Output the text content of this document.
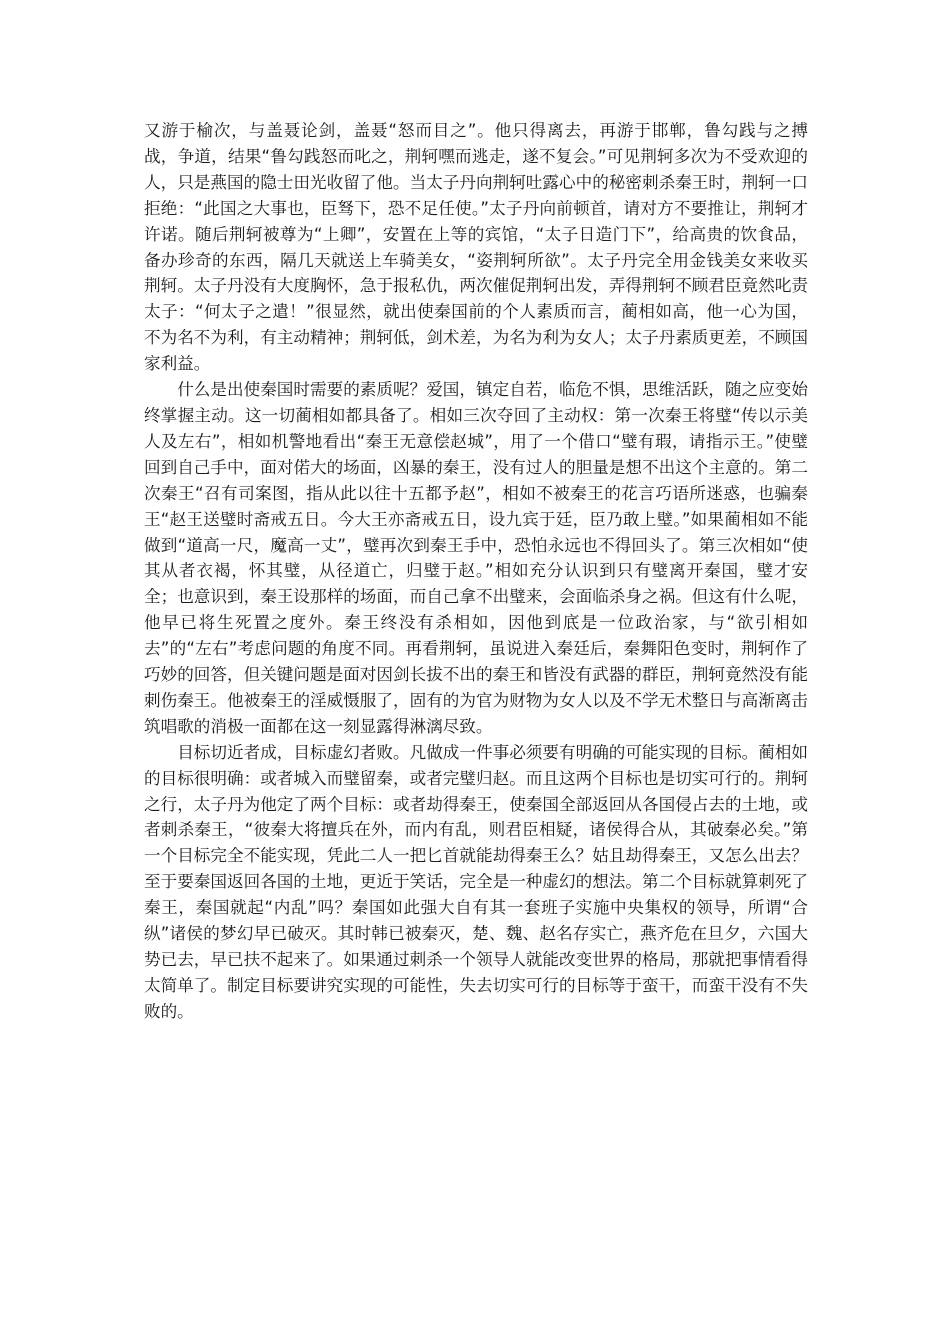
又游于榆次，与盖聂论剑，盖聂“怒而目之”。他只得离去，再游于邯郸，鲁勾践与之搏战，争道，结果“鲁勾践怒而叱之，荆轲嘿而逃走，遂不复会。”可见荆轲多次为不受欢迎的人，只是燕国的隐士田光收留了他。当太子丹向荆轲吐露心中的秘密刺杀秦王时，荆轲一口拒绝：“此国之大事也，臣驽下，恐不足任使。”太子丹向前顿首，请对方不要推让，荆轲才许诺。随后荆轲被尊为“上卿”，安置在上等的宾馆，“太子日造门下”，给高贵的饮食品，备办珍奇的东西，隔几天就送上车骑美女，“姿荆轲所欲”。太子丹完全用金钱美女来收买荆轲。太子丹没有大度胸怀，急于报私仇，两次催促荆轲出发，弄得荆轲不顾君臣竟然叱责太子：“何太子之遣！”很显然，就出使秦国前的个人素质而言，蔺相如高，他一心为国，不为名不为利，有主动精神；荆轲低，剑术差，为名为利为女人；太子丹素质更差，不顾国家利益。

什么是出使秦国时需要的素质呢？爱国，镇定自若，临危不惧，思维活跃，随之应变始终掌握主动。这一切蔺相如都具备了。相如三次夺回了主动权：第一次秦王将璧“传以示美人及左右”，相如机警地看出“秦王无意偿赵城”，用了一个借口“璧有瑕，请指示王。”使璧回到自己手中，面对偌大的场面，凶暴的秦王，没有过人的胆量是想不出这个主意的。第二次秦王“召有司案图，指从此以往十五都予赵”，相如不被秦王的花言巧语所迷惑，也骗秦王“赵王送璧时斋戒五日。今大王亦斋戒五日，设九宾于廷，臣乃敢上璧。”如果蔺相如不能做到“道高一尺，魔高一丈”，璧再次到秦王手中，恐怕永远也不得回头了。第三次相如“使其从者衣褐，怀其璧，从径道亡，归璧于赵。”相如充分认识到只有璧离开秦国，璧才安全；也意识到，秦王设那样的场面，而自己拿不出璧来，会面临杀身之祸。但这有什么呢，他早已将生死置之度外。秦王终没有杀相如，因他到底是一位政治家，与“欲引相如去”的“左右”考虑问题的角度不同。再看荆轲，虽说进入秦廷后，秦舞阳色变时，荆轲作了巧妙的回答，但关键问题是面对因剑长拔不出的秦王和皆没有武器的群臣，荆轲竟然没有能刺伤秦王。他被秦王的淫威慑服了，固有的为官为财物为女人以及不学无术整日与高渐离击筑唱歌的消极一面都在这一刻显露得淋漓尽致。

目标切近者成，目标虚幻者败。凡做成一件事必须要有明确的可能实现的目标。蔺相如的目标很明确：或者城入而璧留秦，或者完璧归赵。而且这两个目标也是切实可行的。荆轲之行，太子丹为他定了两个目标：或者劫得秦王，使秦国全部返回从各国侵占去的土地，或者刺杀秦王，“彼秦大将擅兵在外，而内有乱，则君臣相疑，诸侯得合从，其破秦必矣。”第一个目标完全不能实现，凭此二人一把匕首就能劫得秦王么？姑且劫得秦王，又怎么出去？至于要秦国返回各国的土地，更近于笑话，完全是一种虚幻的想法。第二个目标就算刺死了秦王，秦国就起“内乱”吗？秦国如此强大自有其一套班子实施中央集权的领导，所谓“合纵”诸侯的梦幻早已破灭。其时韩已被秦灭，楚、魏、赵名存实亡，燕齐危在旦夕，六国大势已去，早已扶不起来了。如果通过刺杀一个领导人就能改变世界的格局，那就把事情看得太简单了。制定目标要讲究实现的可能性，失去切实可行的目标等于蛮干，而蛮干没有不失败的。
